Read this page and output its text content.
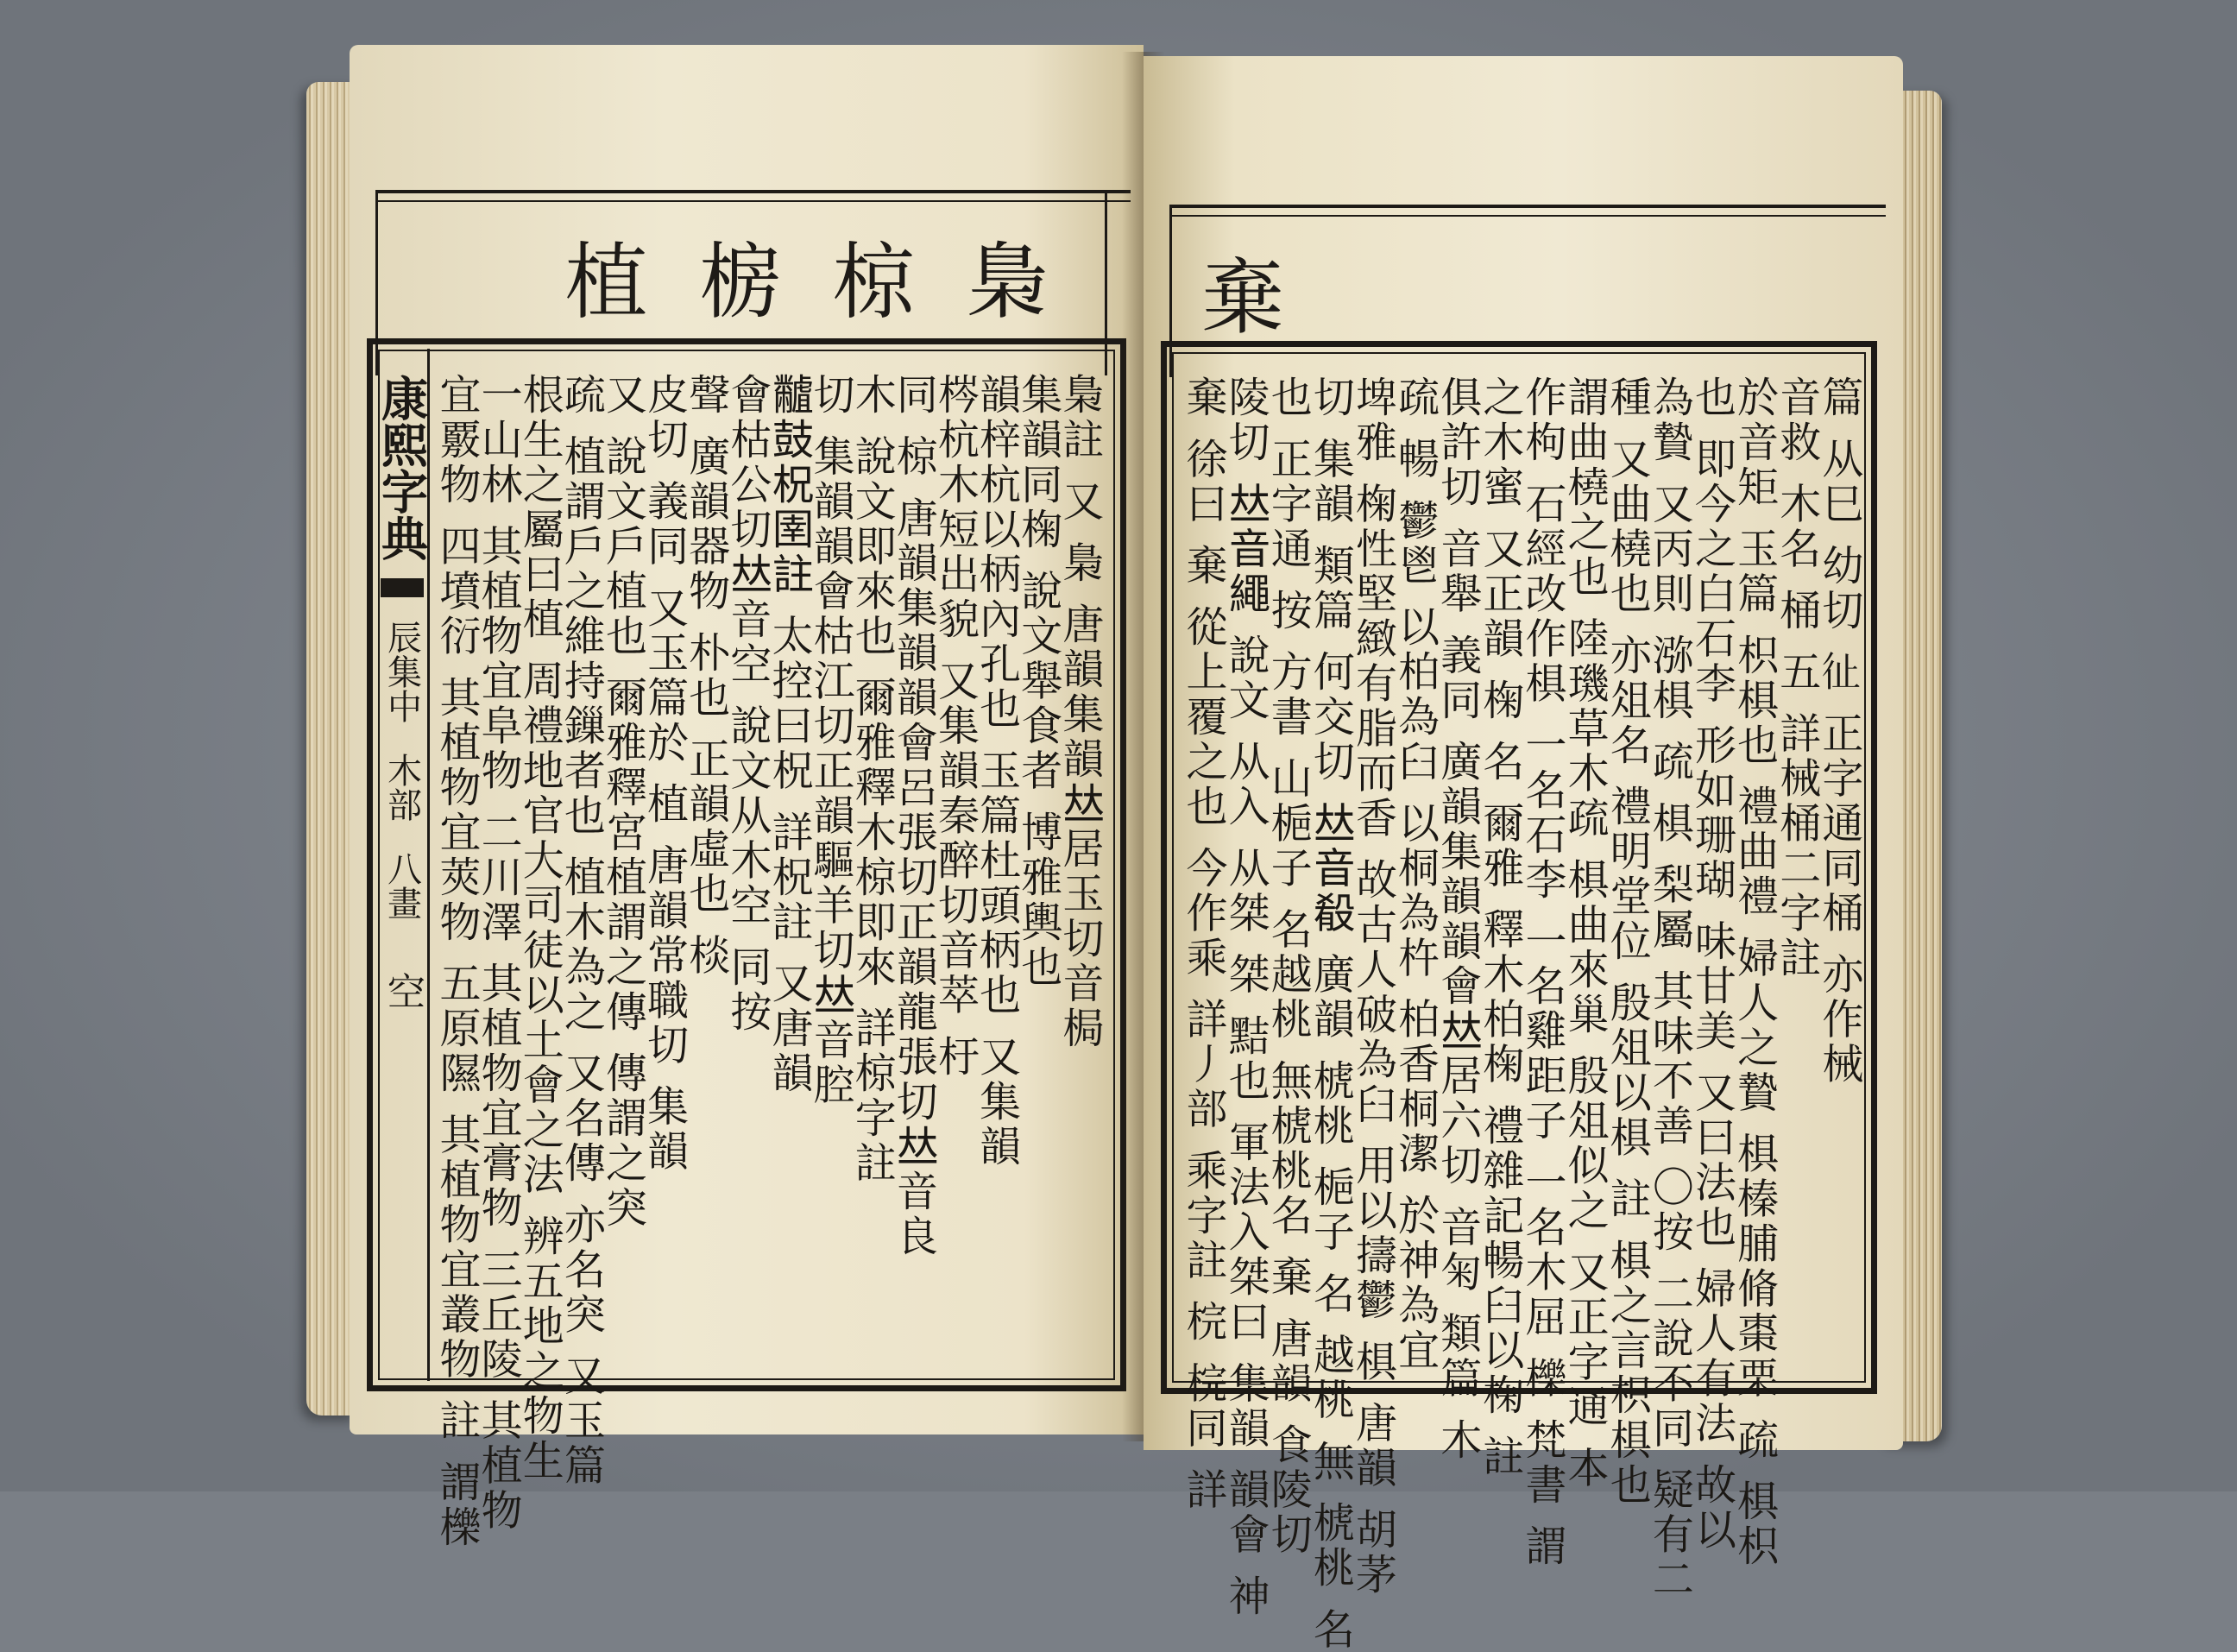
植 椖 椋 梟
康熙字典
辰集中
木部
八畫
空	梟註 又 梟 唐韻集韻𠀤居玉切音梮
集韻同椈 說文舉食者 博雅輿也
韻梓杭以柄內孔也 玉篇杜頭柄也 又集韻
梣杭木短出貌 又集韻秦醉切音萃 杅
同 椋 唐韻集韻韻會呂張切正韻龍張切𠀤音良
木 說文即來也 爾雅釋木椋即來 詳椋字註
切 集韻韻會枯江切正韻驅羊切𠀤音腔
𪓐鼓柷圉註 太控曰柷 詳柷註 又唐韻
會枯公切𠀤音空 說文从木空 同按
聲 廣韻器物 朴也 正韻虛也 棪
皮切 義同 又玉篇於 植 唐韻常職切 集韻
又 說文戶植也 爾雅釋宮植謂之傳 傳謂之突
疏 植謂戶之維持鏁者也 植木為之 又名傳 亦名突 又玉篇
根生之屬曰植 周禮地官大司徒以土會之法 辨五地之物生
一山林 其植物宜阜物 二川澤 其植物宜膏物 三丘陵 其植物
宜覈物 四墳衍 其植物宜莢物 五原隰 其植物宜叢物 註 謂櫟
棄
篇 从巳 幼切 𢓊 正字通同桶 亦作械
音救 木名 桶 五 詳械桶二字註
於音矩 玉篇 枳椇也 禮曲禮 婦人之贄 椇榛脯脩棗栗 疏 椇枳
也 即今之白石李 形如珊瑚 味甘美 又曰法也 婦人有法 故以
為贄 又丙則 㳽椇 疏 椇 梨屬 其味不善 〇按 二說不同 疑有二
種 又曲橈也 亦俎名 禮明堂位 殷俎以椇 註 椇之言枳椇也
謂曲橈之也 陸璣草木疏 椇曲來巢 殷俎似之 又正字通 本
作枸 石經改作椇 一名石李 一名雞距子 一名木屈 櫟 梵書 謂
之木蜜 又正韻 椈 名 爾雅 釋木柏椈 禮雜記暢臼以椈 註
俱許切 音舉 義同 廣韻集韻韻會𠀤居六切 音匊 類篇 木
疏 暢 鬱鬯 以柏為臼 以桐為杵 柏香桐潔 於神為宜
埤雅 椈性堅緻有脂而香 故古人破為臼 用以擣鬱 椇 唐韻 胡茅
切 集韻 類篇 何交切 𠀤音殽 廣韻 椃桃 梔子 名 越桃 無 椃桃 名
也 正字通 按 方書 山梔子 名越桃 無椃桃名 棄 唐韻 食陵切
陵切 𠀤音繩 說文 从入 从桀 桀 黠也 軍法入桀曰 集韻 韻會 神
棄 徐曰 棄 從上覆之也 今作乘 詳丿部 乘字註 梡 梡同 詳
